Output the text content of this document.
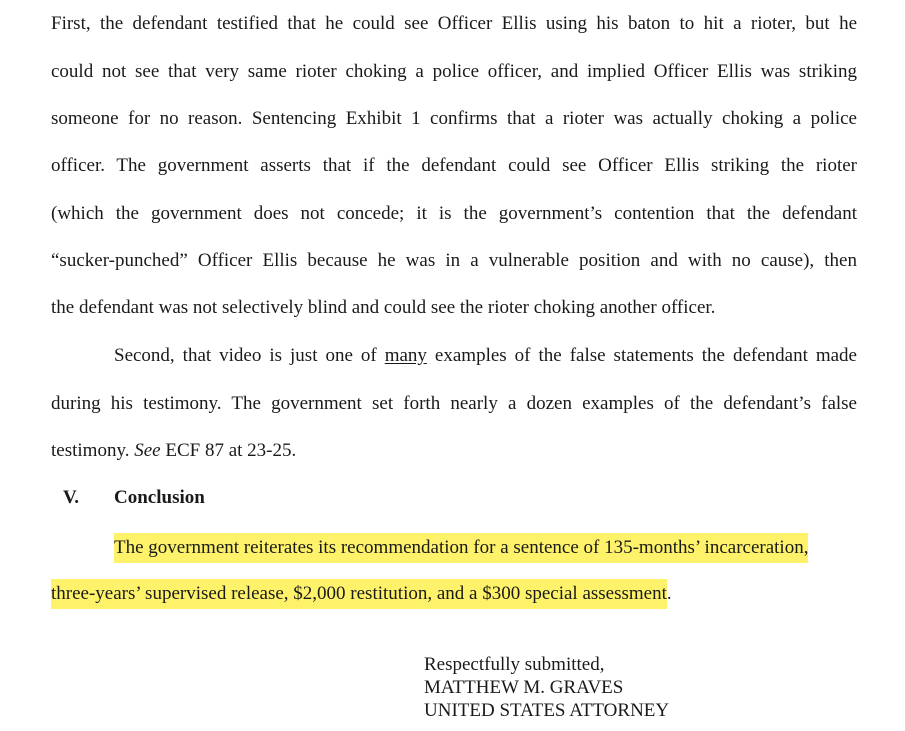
First, the defendant testified that he could see Officer Ellis using his baton to hit a rioter, but he
could not see that very same rioter choking a police officer, and implied Officer Ellis was striking
someone for no reason. Sentencing Exhibit 1 confirms that a rioter was actually choking a police
officer. The government asserts that if the defendant could see Officer Ellis striking the rioter
(which the government does not concede; it is the government’s contention that the defendant
“sucker-punched” Officer Ellis because he was in a vulnerable position and with no cause), then
the defendant was not selectively blind and could see the rioter choking another officer.
Second, that video is just one of many examples of the false statements the defendant made
during his testimony. The government set forth nearly a dozen examples of the defendant’s false
testimony. See ECF 87 at 23-25.
V. Conclusion
The government reiterates its recommendation for a sentence of 135-months’ incarceration,
three-years’ supervised release, $2,000 restitution, and a $300 special assessment.
Respectfully submitted,
MATTHEW M. GRAVES
UNITED STATES ATTORNEY
